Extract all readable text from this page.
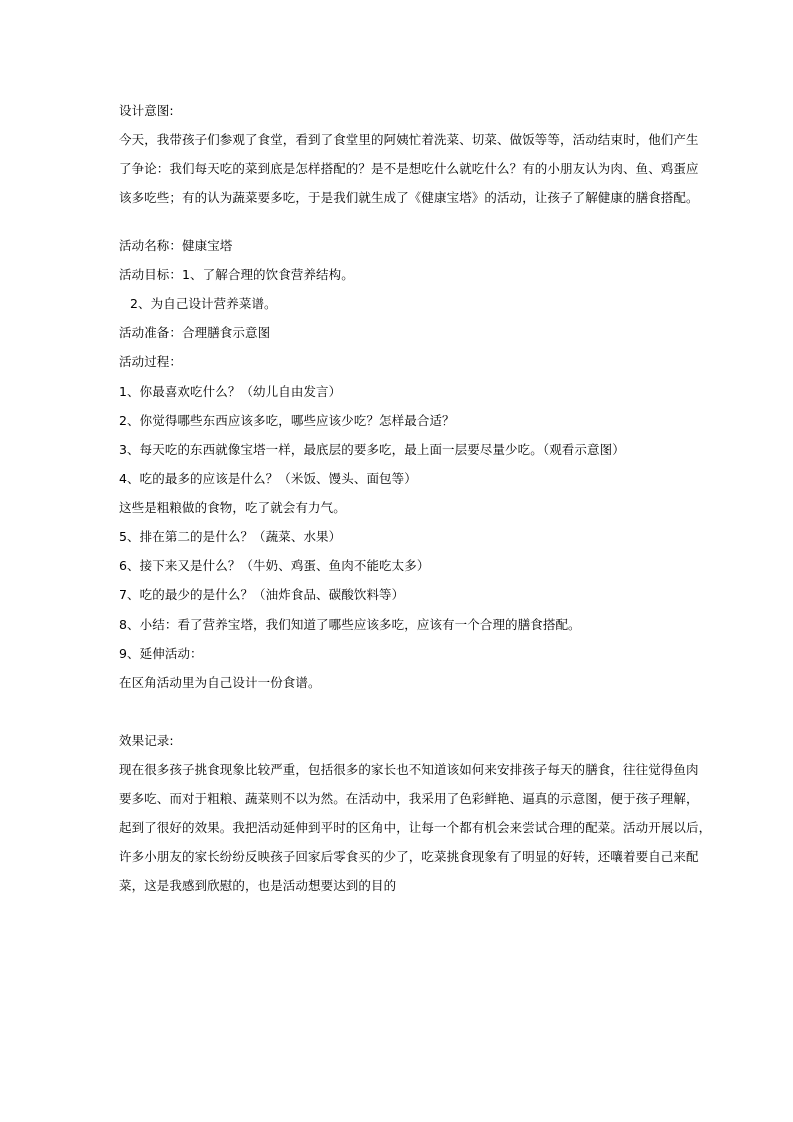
设计意图:
今天，我带孩子们参观了食堂，看到了食堂里的阿姨忙着洗菜、切菜、做饭等等，活动结束时，他们产生
了争论：我们每天吃的菜到底是怎样搭配的？是不是想吃什么就吃什么？有的小朋友认为肉、鱼、鸡蛋应
该多吃些；有的认为蔬菜要多吃，于是我们就生成了《健康宝塔》的活动，让孩子了解健康的膳食搭配。
活动名称：健康宝塔
活动目标：1、了解合理的饮食营养结构。
2、为自己设计营养菜谱。
活动准备：合理膳食示意图
活动过程：
1、你最喜欢吃什么？（幼儿自由发言）
2、你觉得哪些东西应该多吃，哪些应该少吃？怎样最合适？
3、每天吃的东西就像宝塔一样，最底层的要多吃，最上面一层要尽量少吃。（观看示意图）
4、吃的最多的应该是什么？（米饭、馒头、面包等）
这些是粗粮做的食物，吃了就会有力气。
5、排在第二的是什么？（蔬菜、水果）
6、接下来又是什么？（牛奶、鸡蛋、鱼肉不能吃太多）
7、吃的最少的是什么？（油炸食品、碳酸饮料等）
8、小结：看了营养宝塔，我们知道了哪些应该多吃，应该有一个合理的膳食搭配。
9、延伸活动：
在区角活动里为自己设计一份食谱。
效果记录:
现在很多孩子挑食现象比较严重，包括很多的家长也不知道该如何来安排孩子每天的膳食，往往觉得鱼肉
要多吃、而对于粗粮、蔬菜则不以为然。在活动中，我采用了色彩鲜艳、逼真的示意图，便于孩子理解，
起到了很好的效果。我把活动延伸到平时的区角中，让每一个都有机会来尝试合理的配菜。活动开展以后，
许多小朋友的家长纷纷反映孩子回家后零食买的少了，吃菜挑食现象有了明显的好转，还嚷着要自己来配
菜，这是我感到欣慰的，也是活动想要达到的目的
